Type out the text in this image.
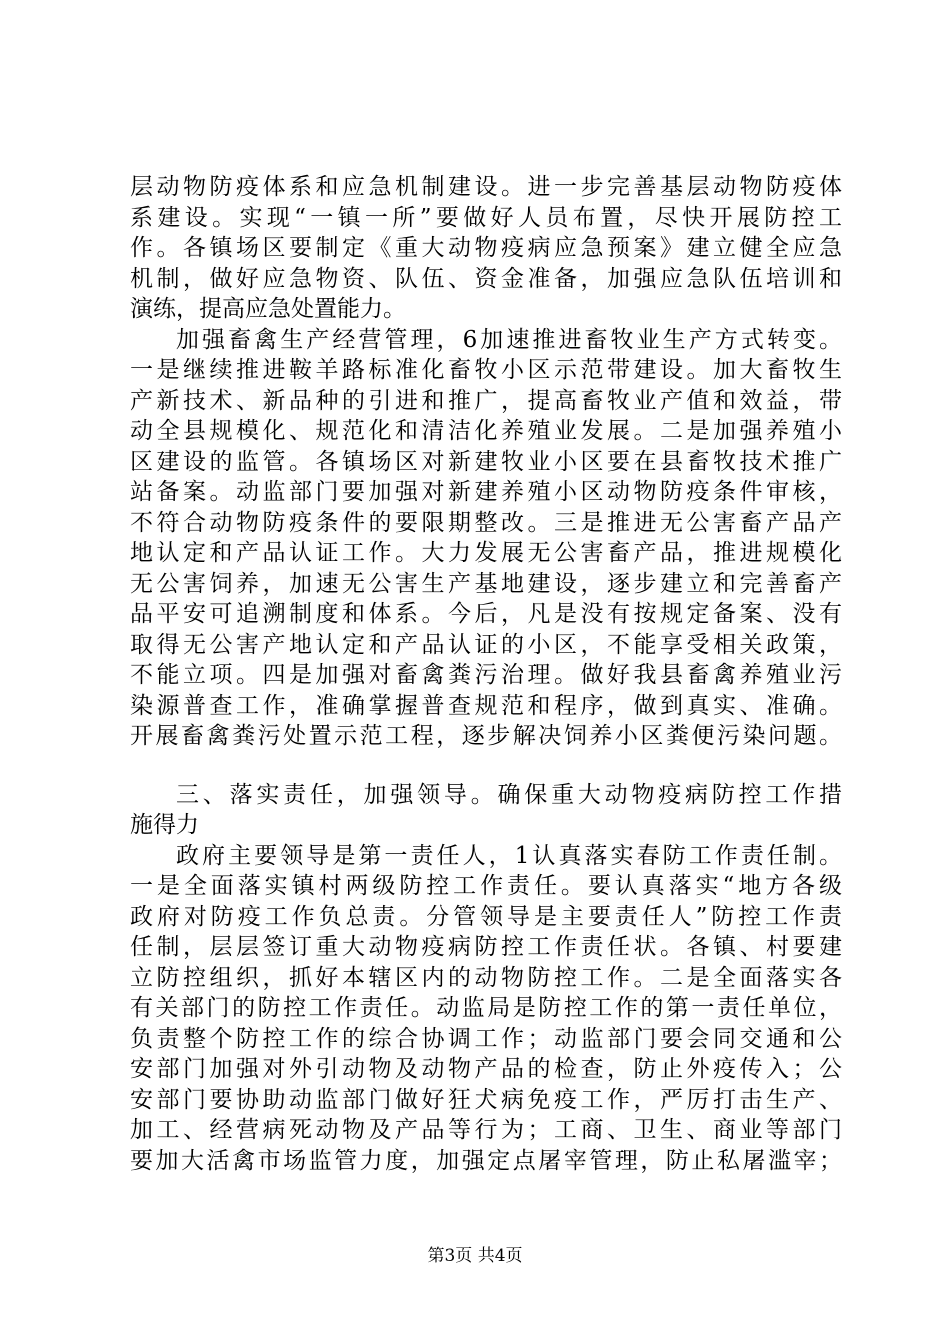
层动物防疫体系和应急机制建设。进一步完善基层动物防疫体
系建设。实现“一镇一所”要做好人员布置，尽快开展防控工
作。各镇场区要制定《重大动物疫病应急预案》建立健全应急
机制，做好应急物资、队伍、资金准备，加强应急队伍培训和
演练，提高应急处置能力。
加强畜禽生产经营管理，6加速推进畜牧业生产方式转变。
一是继续推进鞍羊路标准化畜牧小区示范带建设。加大畜牧生
产新技术、新品种的引进和推广，提高畜牧业产值和效益，带
动全县规模化、规范化和清洁化养殖业发展。二是加强养殖小
区建设的监管。各镇场区对新建牧业小区要在县畜牧技术推广
站备案。动监部门要加强对新建养殖小区动物防疫条件审核，
不符合动物防疫条件的要限期整改。三是推进无公害畜产品产
地认定和产品认证工作。大力发展无公害畜产品，推进规模化
无公害饲养，加速无公害生产基地建设，逐步建立和完善畜产
品平安可追溯制度和体系。今后，凡是没有按规定备案、没有
取得无公害产地认定和产品认证的小区，不能享受相关政策，
不能立项。四是加强对畜禽粪污治理。做好我县畜禽养殖业污
染源普查工作，准确掌握普查规范和程序，做到真实、准确。
开展畜禽粪污处置示范工程，逐步解决饲养小区粪便污染问题。
三、落实责任，加强领导。确保重大动物疫病防控工作措
施得力
政府主要领导是第一责任人，1认真落实春防工作责任制。
一是全面落实镇村两级防控工作责任。要认真落实“地方各级
政府对防疫工作负总责。分管领导是主要责任人”防控工作责
任制，层层签订重大动物疫病防控工作责任状。各镇、村要建
立防控组织，抓好本辖区内的动物防控工作。二是全面落实各
有关部门的防控工作责任。动监局是防控工作的第一责任单位，
负责整个防控工作的综合协调工作；动监部门要会同交通和公
安部门加强对外引动物及动物产品的检查，防止外疫传入；公
安部门要协助动监部门做好狂犬病免疫工作，严厉打击生产、
加工、经营病死动物及产品等行为；工商、卫生、商业等部门
要加大活禽市场监管力度，加强定点屠宰管理，防止私屠滥宰；
第3页 共4页
